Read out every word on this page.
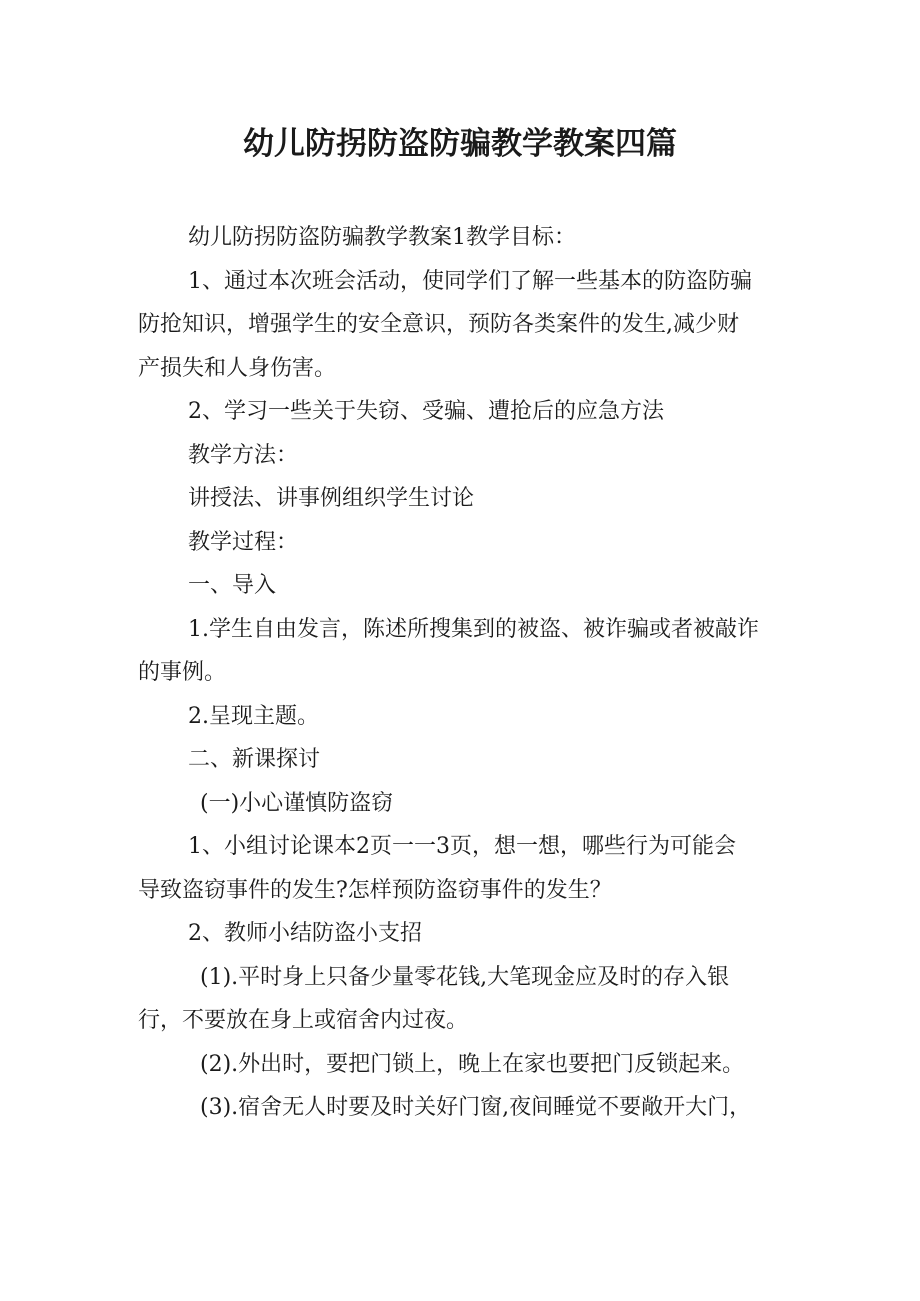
幼儿防拐防盗防骗教学教案四篇

幼儿防拐防盗防骗教学教案1教学目标：

1、通过本次班会活动，使同学们了解一些基本的防盗防骗

防抢知识，增强学生的安全意识，预防各类案件的发生,减少财

产损失和人身伤害。

2、学习一些关于失窃、受骗、遭抢后的应急方法

教学方法：

讲授法、讲事例组织学生讨论

教学过程：

一、导入

1.学生自由发言，陈述所搜集到的被盗、被诈骗或者被敲诈

的事例。

2.呈现主题。

二、新课探讨

(一)小心谨慎防盗窃

1、小组讨论课本2页一一3页，想一想，哪些行为可能会

导致盗窃事件的发生?怎样预防盗窃事件的发生？

2、教师小结防盗小支招

(1).平时身上只备少量零花钱,大笔现金应及时的存入银

行，不要放在身上或宿舍内过夜。

(2).外出时，要把门锁上，晚上在家也要把门反锁起来。

(3).宿舍无人时要及时关好门窗,夜间睡觉不要敞开大门，
